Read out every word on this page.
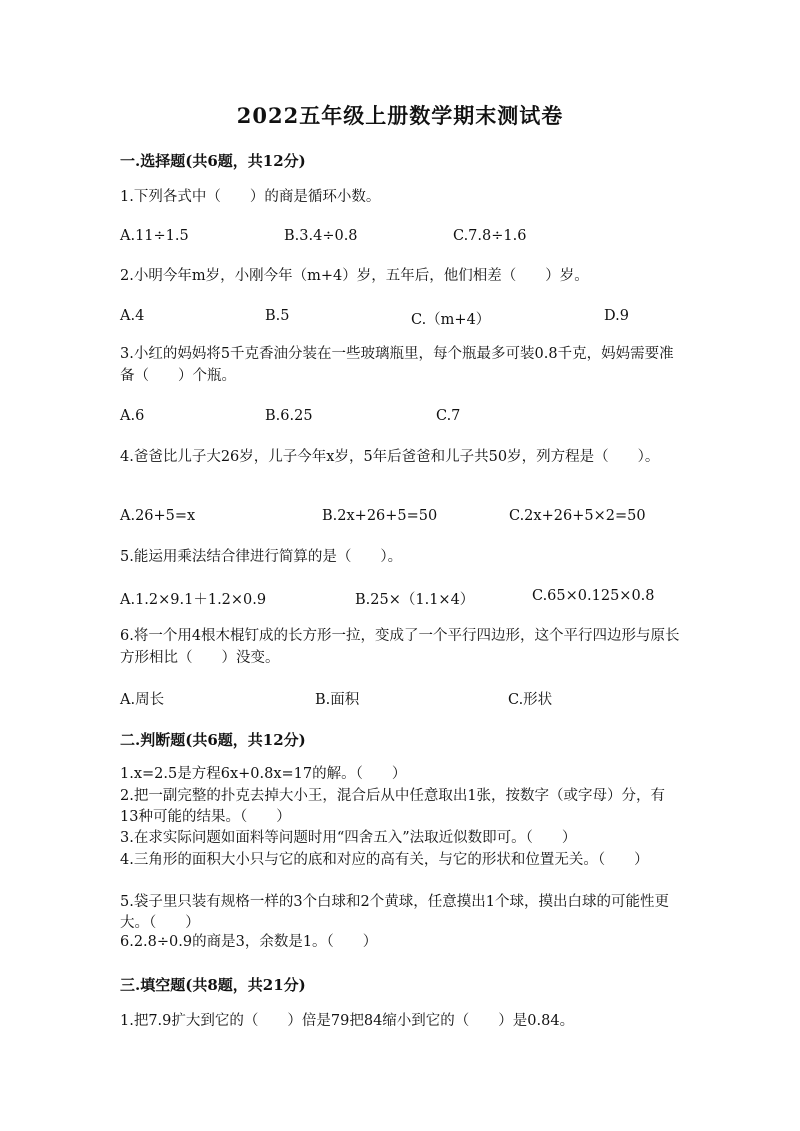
2022五年级上册数学期末测试卷
一.选择题(共6题，共12分)
1.下列各式中（　　）的商是循环小数。
A.11÷1.5	B.3.4÷0.8	C.7.8÷1.6
2.小明今年m岁，小刚今年（m+4）岁，五年后，他们相差（　　）岁。
A.4	B.5	C.（m+4）	D.9
3.小红的妈妈将5千克香油分装在一些玻璃瓶里，每个瓶最多可装0.8千克，妈妈需要准备（　　）个瓶。
A.6	B.6.25	C.7
4.爸爸比儿子大26岁，儿子今年x岁，5年后爸爸和儿子共50岁，列方程是（　　）。
A.26+5=x	B.2x+26+5=50	C.2x+26+5×2=50
5.能运用乘法结合律进行简算的是（　　）。
A.1.2×9.1＋1.2×0.9	B.25×（1.1×4）	C.65×0.125×0.8
6.将一个用4根木棍钉成的长方形一拉，变成了一个平行四边形，这个平行四边形与原长方形相比（　　）没变。
A.周长	B.面积	C.形状
二.判断题(共6题，共12分)
1.x=2.5是方程6x+0.8x=17的解。（　　）
2.把一副完整的扑克去掉大小王，混合后从中任意取出1张，按数字（或字母）分，有13种可能的结果。（　　）
3.在求实际问题如面料等问题时用“四舍五入”法取近似数即可。（　　）
4.三角形的面积大小只与它的底和对应的高有关，与它的形状和位置无关。（　　）
5.袋子里只装有规格一样的3个白球和2个黄球，任意摸出1个球，摸出白球的可能性更大。（　　）
6.2.8÷0.9的商是3，余数是1。（　　）
三.填空题(共8题，共21分)
1.把7.9扩大到它的（　　）倍是79把84缩小到它的（　　）是0.84。
